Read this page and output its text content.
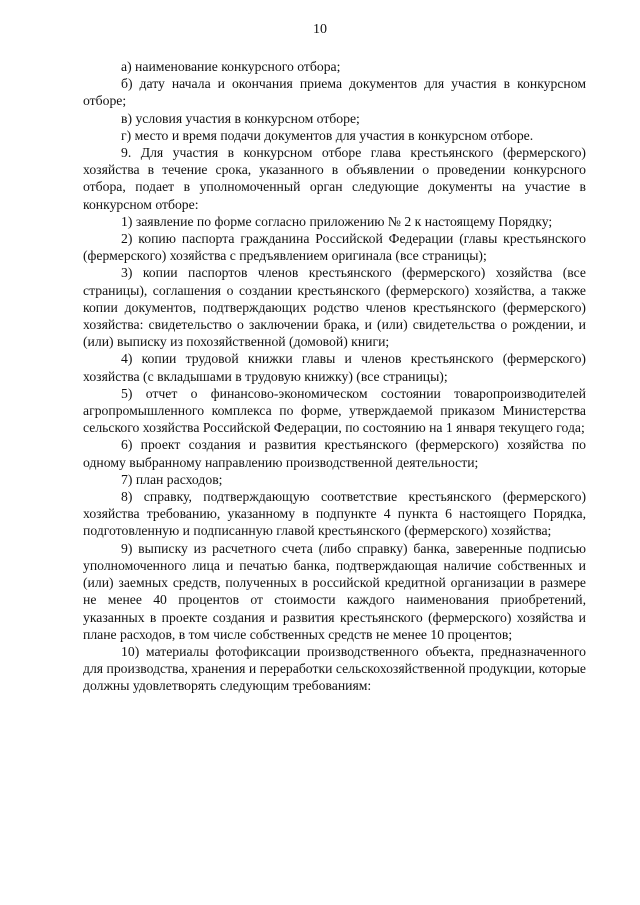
10

а) наименование конкурсного отбора;

б) дату начала и окончания приема документов для участия в конкурсном отборе;

в) условия участия в конкурсном отборе;

г) место и время подачи документов для участия в конкурсном отборе.

9. Для участия в конкурсном отборе глава крестьянского (фермерского) хозяйства в течение срока, указанного в объявлении о проведении конкурсного отбора, подает в уполномоченный орган следующие документы на участие в конкурсном отборе:

1) заявление по форме согласно приложению № 2 к настоящему Порядку;

2) копию паспорта гражданина Российской Федерации (главы крестьянского (фермерского) хозяйства с предъявлением оригинала (все страницы);

3) копии паспортов членов крестьянского (фермерского) хозяйства (все страницы), соглашения о создании крестьянского (фермерского) хозяйства, а также копии документов, подтверждающих родство членов крестьянского (фермерского) хозяйства: свидетельство о заключении брака, и (или) свидетельства о рождении, и (или) выписку из похозяйственной (домовой) книги;

4) копии трудовой книжки главы и членов крестьянского (фермерского) хозяйства (с вкладышами в трудовую книжку) (все страницы);

5) отчет о финансово-экономическом состоянии товаропроизводителей агропромышленного комплекса по форме, утверждаемой приказом Министерства сельского хозяйства Российской Федерации, по состоянию на 1 января текущего года;

6) проект создания и развития крестьянского (фермерского) хозяйства по одному выбранному направлению производственной деятельности;

7) план расходов;

8) справку, подтверждающую соответствие крестьянского (фермерского) хозяйства требованию, указанному в подпункте 4 пункта 6 настоящего Порядка, подготовленную и подписанную главой крестьянского (фермерского) хозяйства;

9) выписку из расчетного счета (либо справку) банка, заверенные подписью уполномоченного лица и печатью банка, подтверждающая наличие собственных и (или) заемных средств, полученных в российской кредитной организации в размере не менее 40 процентов от стоимости каждого наименования приобретений, указанных в проекте создания и развития крестьянского (фермерского) хозяйства и плане расходов, в том числе собственных средств не менее 10 процентов;

10) материалы фотофиксации производственного объекта, предназначенного для производства, хранения и переработки сельскохозяйственной продукции, которые должны удовлетворять следующим требованиям:
